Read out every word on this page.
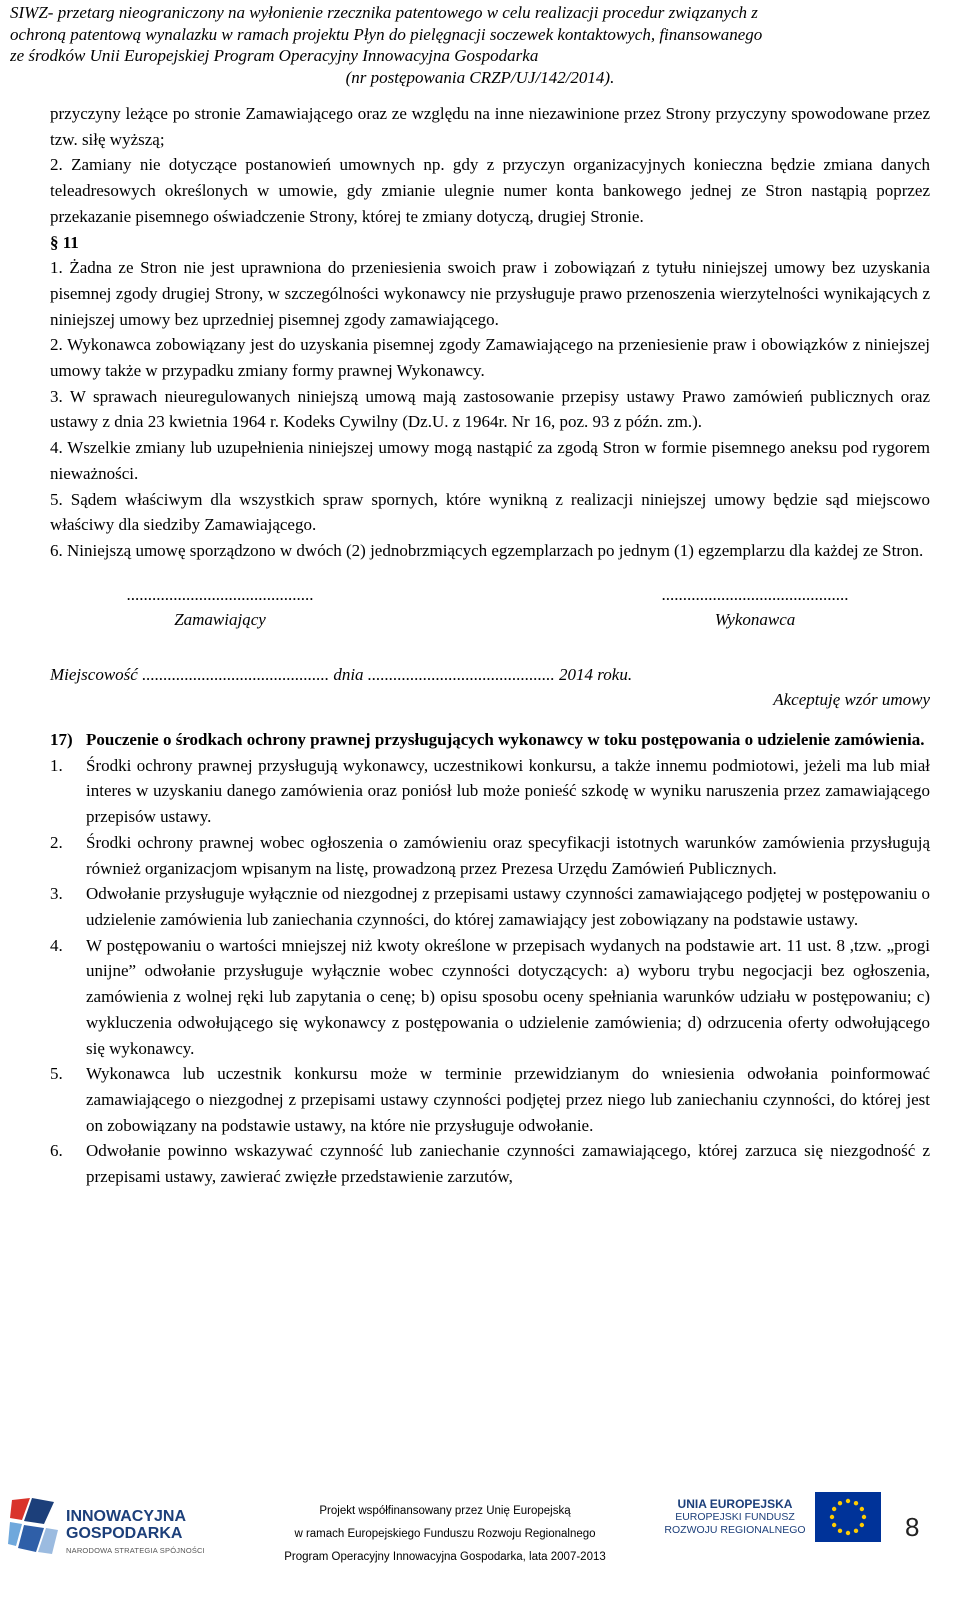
SIWZ- przetarg nieograniczony na wyłonienie rzecznika patentowego w celu realizacji procedur związanych z
ochroną patentową wynalazku w ramach projektu Płyn do pielęgnacji soczewek kontaktowych, finansowanego
ze środków Unii Europejskiej Program Operacyjny Innowacyjna Gospodarka
(nr postępowania CRZP/UJ/142/2014).

przyczyny leżące po stronie Zamawiającego oraz ze względu na inne niezawinione przez Strony przyczyny spowodowane przez tzw. siłę wyższą;

2. Zamiany nie dotyczące postanowień umownych np. gdy z przyczyn organizacyjnych konieczna będzie zmiana danych teleadresowych określonych w umowie, gdy zmianie ulegnie numer konta bankowego jednej ze Stron nastąpią poprzez przekazanie pisemnego oświadczenie Strony, której te zmiany dotyczą, drugiej Stronie.

§ 11

1. Żadna ze Stron nie jest uprawniona do przeniesienia swoich praw i zobowiązań z tytułu niniejszej umowy bez uzyskania pisemnej zgody drugiej Strony, w szczególności wykonawcy nie przysługuje prawo przenoszenia wierzytelności wynikających z niniejszej umowy bez uprzedniej pisemnej zgody zamawiającego.

2. Wykonawca zobowiązany jest do uzyskania pisemnej zgody Zamawiającego na przeniesienie praw i obowiązków z niniejszej umowy także w przypadku zmiany formy prawnej Wykonawcy.

3. W sprawach nieuregulowanych niniejszą umową mają zastosowanie przepisy ustawy Prawo zamówień publicznych oraz ustawy z dnia 23 kwietnia 1964 r. Kodeks Cywilny (Dz.U. z 1964r. Nr 16, poz. 93 z późn. zm.).

4. Wszelkie zmiany lub uzupełnienia niniejszej umowy mogą nastąpić za zgodą Stron w formie pisemnego aneksu pod rygorem nieważności.

5. Sądem właściwym dla wszystkich spraw spornych, które wynikną z realizacji niniejszej umowy będzie sąd miejscowo właściwy dla siedziby Zamawiającego.

6. Niniejszą umowę sporządzono w dwóch (2) jednobrzmiących egzemplarzach po jednym (1) egzemplarzu dla każdej ze Stron.

............................................
Zamawiający
............................................
Wykonawca
Miejscowość ............................................ dnia ............................................ 2014 roku.
Akceptuję wzór umowy
17) Pouczenie o środkach ochrony prawnej przysługujących wykonawcy w toku postępowania o udzielenie zamówienia.
1.	Środki ochrony prawnej przysługują wykonawcy, uczestnikowi konkursu, a także innemu podmiotowi, jeżeli ma lub miał interes w uzyskaniu danego zamówienia oraz poniósł lub może ponieść szkodę w wyniku naruszenia przez zamawiającego przepisów ustawy.
2.	Środki ochrony prawnej wobec ogłoszenia o zamówieniu oraz specyfikacji istotnych warunków zamówienia przysługują również organizacjom wpisanym na listę, prowadzoną przez Prezesa Urzędu Zamówień Publicznych.
3.	Odwołanie przysługuje wyłącznie od niezgodnej z przepisami ustawy czynności zamawiającego podjętej w postępowaniu o udzielenie zamówienia lub zaniechania czynności, do której zamawiający jest zobowiązany na podstawie ustawy.
4.	W postępowaniu o wartości mniejszej niż kwoty określone w przepisach wydanych na podstawie art. 11 ust. 8 ,tzw. „progi unijne” odwołanie przysługuje wyłącznie wobec czynności dotyczących: a) wyboru trybu negocjacji bez ogłoszenia, zamówienia z wolnej ręki lub zapytania o cenę; b) opisu sposobu oceny spełniania warunków udziału w postępowaniu; c) wykluczenia odwołującego się wykonawcy z postępowania o udzielenie zamówienia; d) odrzucenia oferty odwołującego się wykonawcy.
5.	Wykonawca lub uczestnik konkursu może w terminie przewidzianym do wniesienia odwołania poinformować zamawiającego o niezgodnej z przepisami ustawy czynności podjętej przez niego lub zaniechaniu czynności, do której jest on zobowiązany na podstawie ustawy, na które nie przysługuje odwołanie.
6.	Odwołanie powinno wskazywać czynność lub zaniechanie czynności zamawiającego, której zarzuca się niezgodność z przepisami ustawy, zawierać zwięzłe przedstawienie zarzutów,
INNOWACYJNA
GOSPODARKA
NARODOWA STRATEGIA SPÓJNOŚCI
Projekt współfinansowany przez Unię Europejską
w ramach Europejskiego Funduszu Rozwoju Regionalnego
Program Operacyjny Innowacyjna Gospodarka, lata 2007-2013
UNIA EUROPEJSKA
EUROPEJSKI FUNDUSZ
ROZWOJU REGIONALNEGO	8
